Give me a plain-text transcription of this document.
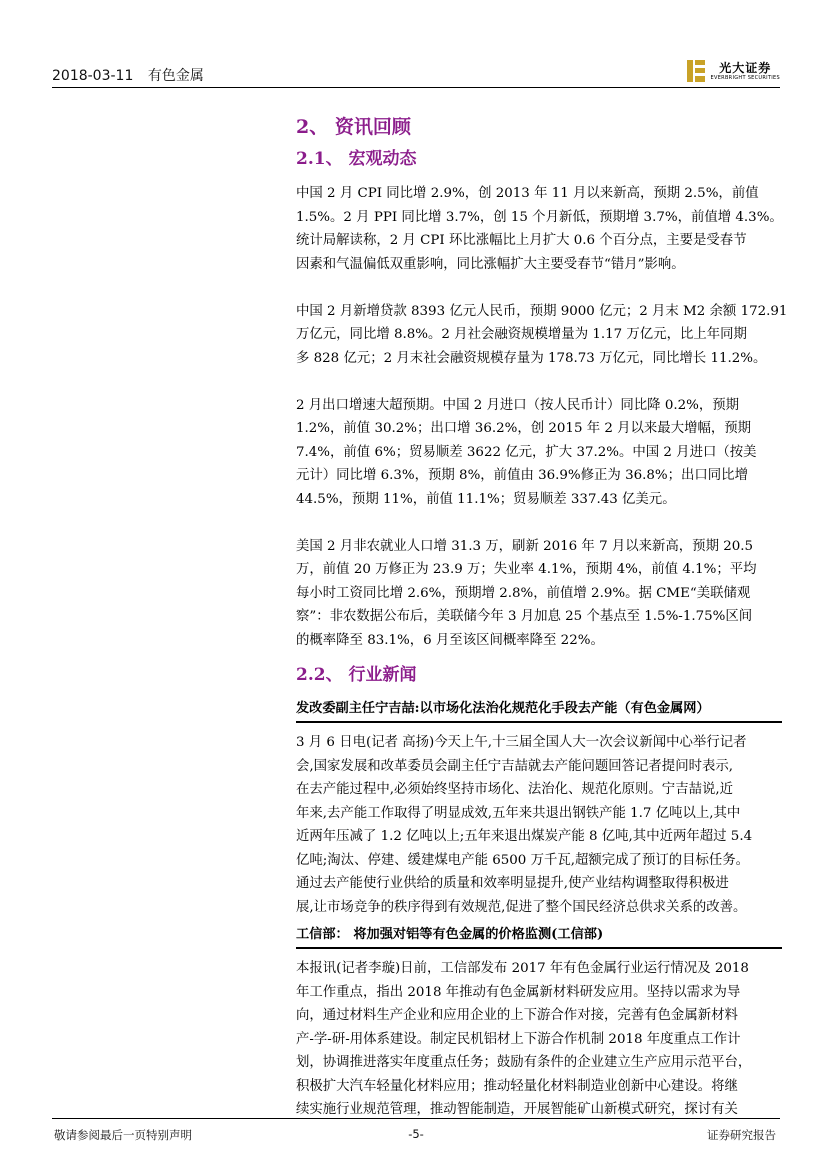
2018-03-11 有色金属
光大证券
EVERBRIGHT SECURITIES
2、 资讯回顾
2.1、 宏观动态

中国 2 月 CPI 同比增 2.9%，创 2013 年 11 月以来新高，预期 2.5%，前值
1.5%。2 月 PPI 同比增 3.7%，创 15 个月新低，预期增 3.7%，前值增 4.3%。
统计局解读称，2 月 CPI 环比涨幅比上月扩大 0.6 个百分点，主要是受春节
因素和气温偏低双重影响，同比涨幅扩大主要受春节“错月”影响。

中国 2 月新增贷款 8393 亿元人民币，预期 9000 亿元；2 月末 M2 余额 172.91
万亿元，同比增 8.8%。2 月社会融资规模增量为 1.17 万亿元，比上年同期
多 828 亿元；2 月末社会融资规模存量为 178.73 万亿元，同比增长 11.2%。

2 月出口增速大超预期。中国 2 月进口（按人民币计）同比降 0.2%，预期
1.2%，前值 30.2%；出口增 36.2%，创 2015 年 2 月以来最大增幅，预期
7.4%，前值 6%；贸易顺差 3622 亿元，扩大 37.2%。中国 2 月进口（按美
元计）同比增 6.3%，预期 8%，前值由 36.9%修正为 36.8%；出口同比增
44.5%，预期 11%，前值 11.1%；贸易顺差 337.43 亿美元。

美国 2 月非农就业人口增 31.3 万，刷新 2016 年 7 月以来新高，预期 20.5
万，前值 20 万修正为 23.9 万；失业率 4.1%，预期 4%，前值 4.1%；平均
每小时工资同比增 2.6%，预期增 2.8%，前值增 2.9%。据 CME“美联储观
察”：非农数据公布后，美联储今年 3 月加息 25 个基点至 1.5%-1.75%区间
的概率降至 83.1%，6 月至该区间概率降至 22%。

2.2、 行业新闻

发改委副主任宁吉喆:以市场化法治化规范化手段去产能（有色金属网）

3 月 6 日电(记者 高扬)今天上午,十三届全国人大一次会议新闻中心举行记者
会,国家发展和改革委员会副主任宁吉喆就去产能问题回答记者提问时表示,
在去产能过程中,必须始终坚持市场化、法治化、规范化原则。宁吉喆说,近
年来,去产能工作取得了明显成效,五年来共退出钢铁产能 1.7 亿吨以上,其中
近两年压减了 1.2 亿吨以上;五年来退出煤炭产能 8 亿吨,其中近两年超过 5.4
亿吨;淘汰、停建、缓建煤电产能 6500 万千瓦,超额完成了预订的目标任务。
通过去产能使行业供给的质量和效率明显提升,使产业结构调整取得积极进
展,让市场竞争的秩序得到有效规范,促进了整个国民经济总供求关系的改善。

工信部： 将加强对铝等有色金属的价格监测(工信部)

本报讯(记者李璇)日前，工信部发布 2017 年有色金属行业运行情况及 2018
年工作重点，指出 2018 年推动有色金属新材料研发应用。坚持以需求为导
向，通过材料生产企业和应用企业的上下游合作对接，完善有色金属新材料
产-学-研-用体系建设。制定民机铝材上下游合作机制 2018 年度重点工作计
划，协调推进落实年度重点任务；鼓励有条件的企业建立生产应用示范平台，
积极扩大汽车轻量化材料应用；推动轻量化材料制造业创新中心建设。将继
续实施行业规范管理，推动智能制造，开展智能矿山新模式研究，探讨有关

敬请参阅最后一页特别声明	-5-	证券研究报告
